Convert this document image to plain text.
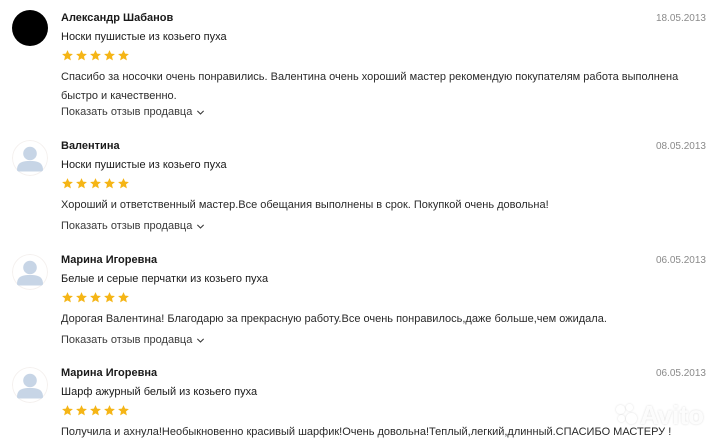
Александр Шабанов	18.05.2013
Носки пушистые из козьего пуха
Спасибо за носочки очень понравились. Валентина очень хороший мастер рекомендую покупателям работа выполнена быстро и качественно.
Показать отзыв продавца
Валентина	08.05.2013
Носки пушистые из козьего пуха
Хороший и ответственный мастер.Все обещания выполнены в срок. Покупкой очень довольна!
Показать отзыв продавца
Марина Игоревна	06.05.2013
Белые и серые перчатки из козьего пуха
Дорогая Валентина! Благодарю за прекрасную работу.Все очень понравилось,даже больше,чем ожидала.
Показать отзыв продавца
Марина Игоревна	06.05.2013
Шарф ажурный белый из козьего пуха
Получила и ахнула!Необыкновенно красивый шарфик!Очень довольна!Теплый,легкий,длинный.СПАСИБО МАСТЕРУ !
Avito
